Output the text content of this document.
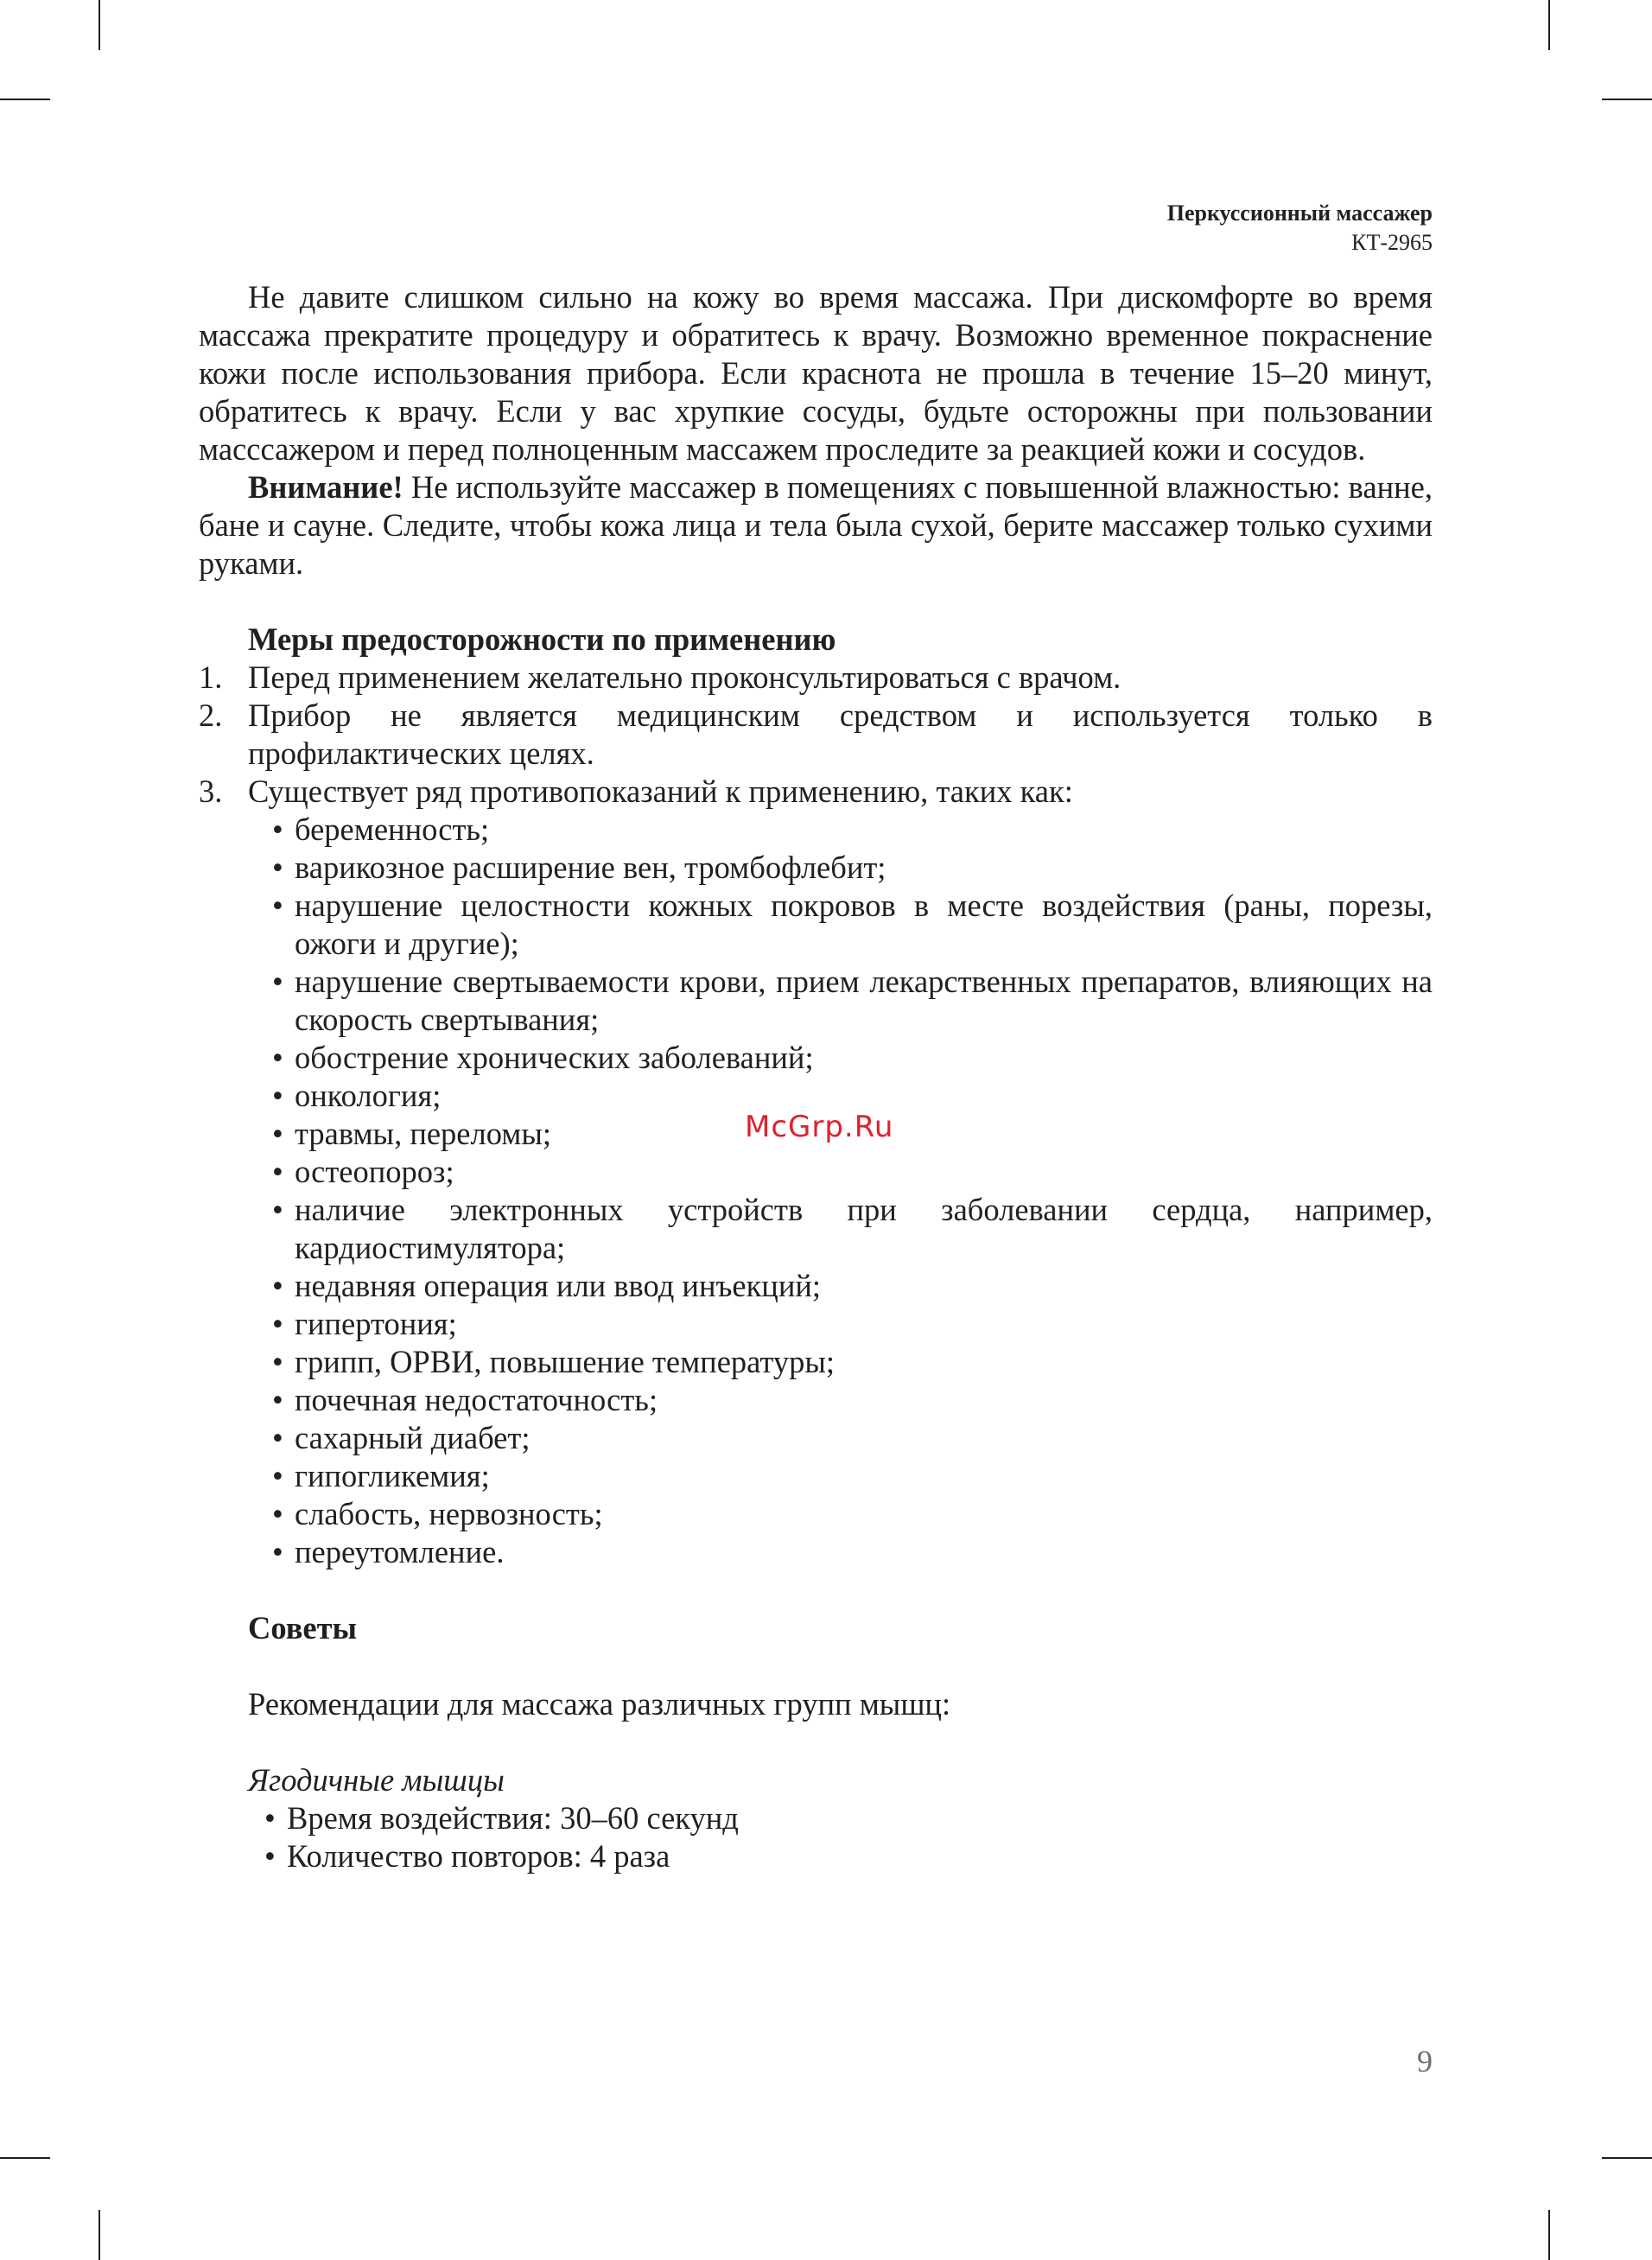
Перкуссионный массажер
КТ-2965

Не давите слишком сильно на кожу во время массажа. При дискомфорте во время массажа прекратите процедуру и обратитесь к врачу. Возможно временное покраснение кожи после использования прибора. Если краснота не прошла в течение 15–20 минут, обратитесь к врачу. Если у вас хрупкие сосуды, будьте осторожны при пользовании масссажером и перед полноценным массажем проследите за реакцией кожи и сосудов.

Внимание! Не используйте массажер в помещениях с повышенной влажностью: ванне, бане и сауне. Следите, чтобы кожа лица и тела была сухой, берите массажер только сухими руками.

Меры предосторожности по применению

1. Перед применением желательно проконсультироваться с врачом.
2. Прибор не является медицинским средством и используется только в профилактических целях.
3. Существует ряд противопоказаний к применению, таких как:
• беременность;
• варикозное расширение вен, тромбофлебит;
• нарушение целостности кожных покровов в месте воздействия (раны, порезы, ожоги и другие);
• нарушение свертываемости крови, прием лекарственных препаратов, влияющих на скорость свертывания;
• обострение хронических заболеваний;
• онкология;
• травмы, переломы;
• остеопороз;
• наличие электронных устройств при заболевании сердца, например, кардиостимулятора;
• недавняя операция или ввод инъекций;
• гипертония;
• грипп, ОРВИ, повышение температуры;
• почечная недостаточность;
• сахарный диабет;
• гипогликемия;
• слабость, нервозность;
• переутомление.

Советы

Рекомендации для массажа различных групп мышц:

Ягодичные мышцы

• Время воздействия: 30–60 секунд
• Количество повторов: 4 раза
McGrp.Ru
9
